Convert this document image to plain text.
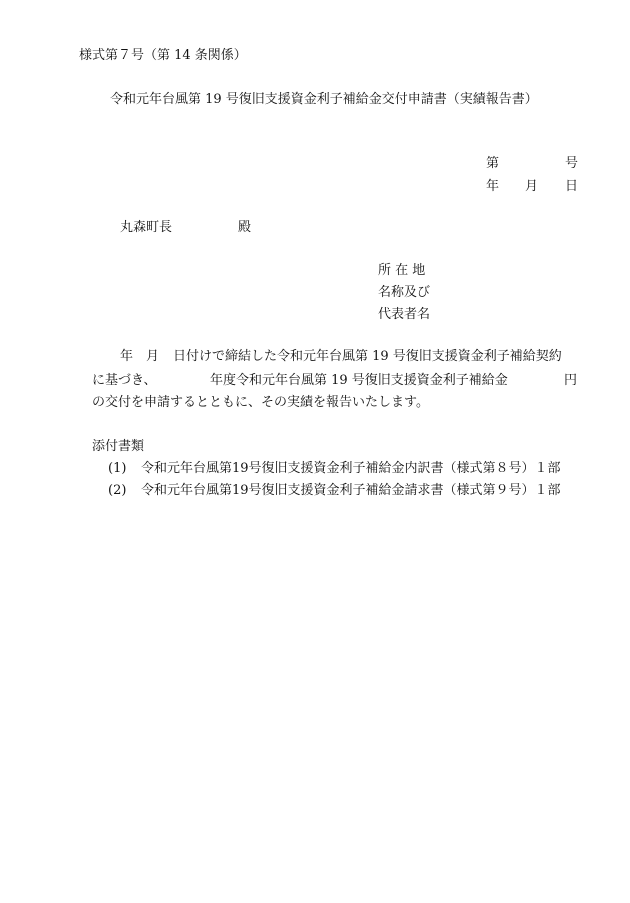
様式第７号（第 14 条関係）
令和元年台風第 19 号復旧支援資金利子補給金交付申請書（実績報告書）
第	号
年 月 日
丸森町長	殿
所 在 地
名称及び
代表者名
年 月 日付けで締結した令和元年台風第 19 号復旧支援資金利子補給契約
に基づき、	年度令和元年台風第 19 号復旧支援資金利子補給金	円
の交付を申請するとともに、その実績を報告いたします。
添付書類
(1) 令和元年台風第19号復旧支援資金利子補給金内訳書（様式第８号）１部
(2) 令和元年台風第19号復旧支援資金利子補給金請求書（様式第９号）１部
